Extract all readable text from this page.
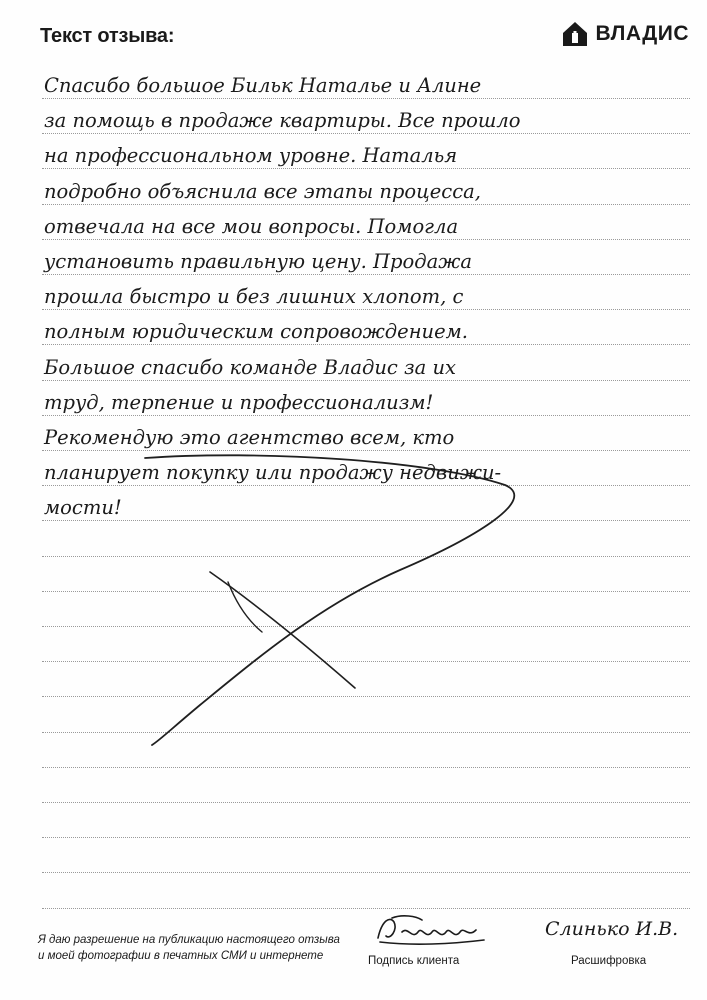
Текст отзыва:	ВЛАДИС
Спасибо большое Бильк Наталье и Алине
за помощь в продаже квартиры. Все прошло
на профессиональном уровне. Наталья
подробно объяснила все этапы процесса,
отвечала на все мои вопросы. Помогла
установить правильную цену. Продажа
прошла быстро и без лишних хлопот, с
полным юридическим сопровождением.
Большое спасибо команде Владис за их
труд, терпение и профессионализм!
Рекомендую это агентство всем, кто
планирует покупку или продажу недвижи-
мости!
Я даю разрешение на публикацию настоящего отзыва
и моей фотографии в печатных СМИ и интернете
Слинько И.В.
Подпись клиента	Расшифровка
